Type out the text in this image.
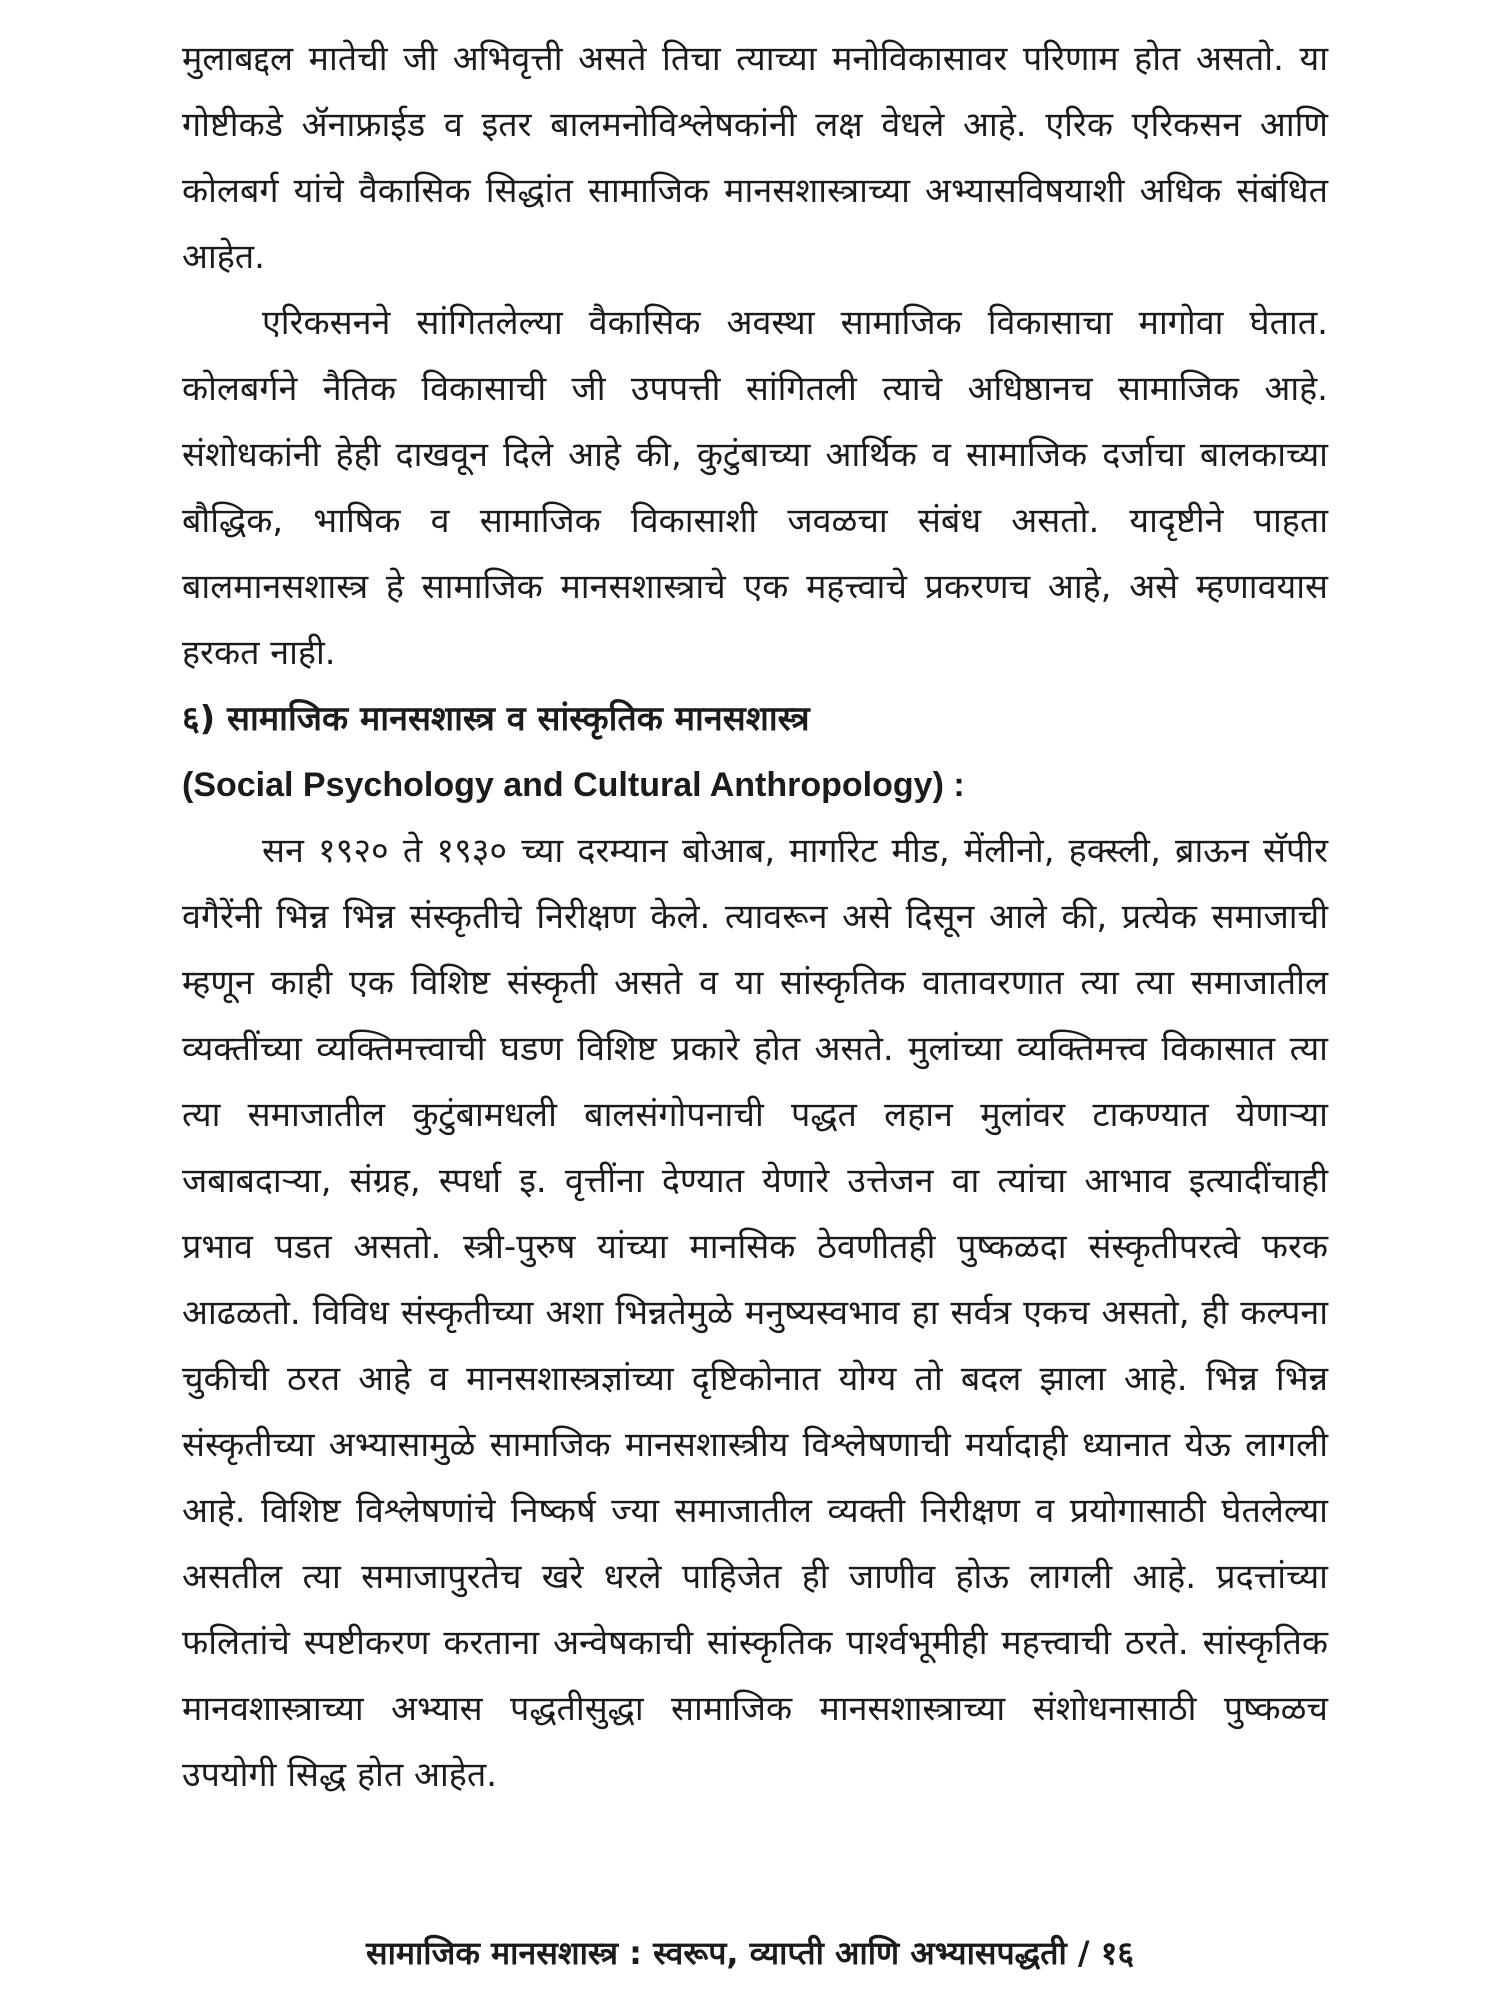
मुलाबद्दल मातेची जी अभिवृत्ती असते तिचा त्याच्या मनोविकासावर परिणाम होत असतो. या गोष्टीकडे ॲनाफ्राईड व इतर बालमनोविश्लेषकांनी लक्ष वेधले आहे. एरिक एरिकसन आणि कोलबर्ग यांचे वैकासिक सिद्धांत सामाजिक मानसशास्त्राच्या अभ्यासविषयाशी अधिक संबंधित आहेत.

एरिकसनने सांगितलेल्या वैकासिक अवस्था सामाजिक विकासाचा मागोवा घेतात. कोलबर्गने नैतिक विकासाची जी उपपत्ती सांगितली त्याचे अधिष्ठानच सामाजिक आहे. संशोधकांनी हेही दाखवून दिले आहे की, कुटुंबाच्या आर्थिक व सामाजिक दर्जाचा बालकाच्या बौद्धिक, भाषिक व सामाजिक विकासाशी जवळचा संबंध असतो. यादृष्टीने पाहता बालमानसशास्त्र हे सामाजिक मानसशास्त्राचे एक महत्त्वाचे प्रकरणच आहे, असे म्हणावयास हरकत नाही.

६) सामाजिक मानसशास्त्र व सांस्कृतिक मानसशास्त्र
(Social Psychology and Cultural Anthropology) :

सन १९२० ते १९३० च्या दरम्यान बोआब, मार्गारेट मीड, मेंलीनो, हक्स्ली, ब्राऊन सॅपीर वगैरेंनी भिन्न भिन्न संस्कृतीचे निरीक्षण केले. त्यावरून असे दिसून आले की, प्रत्येक समाजाची म्हणून काही एक विशिष्ट संस्कृती असते व या सांस्कृतिक वातावरणात त्या त्या समाजातील व्यक्तींच्या व्यक्तिमत्त्वाची घडण विशिष्ट प्रकारे होत असते. मुलांच्या व्यक्तिमत्त्व विकासात त्या त्या समाजातील कुटुंबामधली बालसंगोपनाची पद्धत लहान मुलांवर टाकण्यात येणाऱ्या जबाबदाऱ्या, संग्रह, स्पर्धा इ. वृत्तींना देण्यात येणारे उत्तेजन वा त्यांचा आभाव इत्यादींचाही प्रभाव पडत असतो. स्त्री-पुरुष यांच्या मानसिक ठेवणीतही पुष्कळदा संस्कृतीपरत्वे फरक आढळतो. विविध संस्कृतीच्या अशा भिन्नतेमुळे मनुष्यस्वभाव हा सर्वत्र एकच असतो, ही कल्पना चुकीची ठरत आहे व मानसशास्त्रज्ञांच्या दृष्टिकोनात योग्य तो बदल झाला आहे. भिन्न भिन्न संस्कृतीच्या अभ्यासामुळे सामाजिक मानसशास्त्रीय विश्लेषणाची मर्यादाही ध्यानात येऊ लागली आहे. विशिष्ट विश्लेषणांचे निष्कर्ष ज्या समाजातील व्यक्ती निरीक्षण व प्रयोगासाठी घेतलेल्या असतील त्या समाजापुरतेच खरे धरले पाहिजेत ही जाणीव होऊ लागली आहे. प्रदत्तांच्या फलितांचे स्पष्टीकरण करताना अन्वेषकाची सांस्कृतिक पार्श्वभूमीही महत्त्वाची ठरते. सांस्कृतिक मानवशास्त्राच्या अभ्यास पद्धतीसुद्धा सामाजिक मानसशास्त्राच्या संशोधनासाठी पुष्कळच उपयोगी सिद्ध होत आहेत.

सामाजिक मानसशास्त्र : स्वरूप, व्याप्ती आणि अभ्यासपद्धती / १६
